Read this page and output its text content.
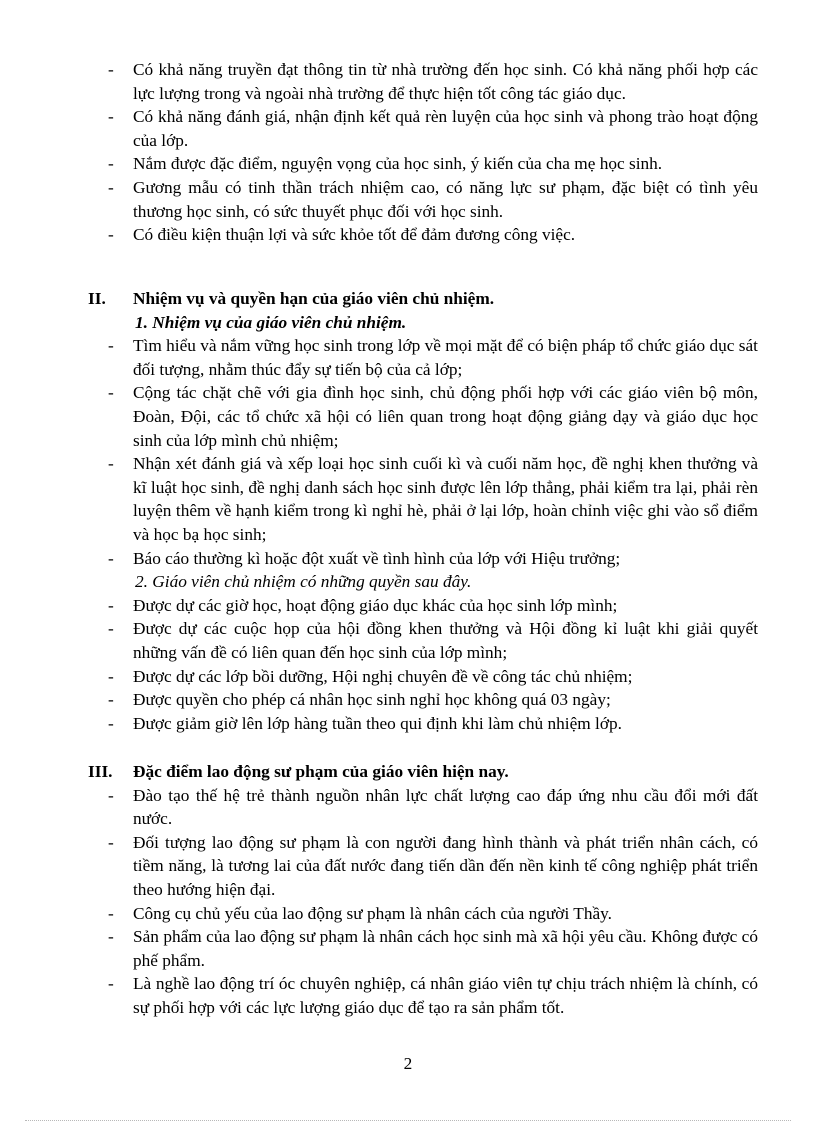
- Có khả năng truyền đạt thông tin từ nhà trường đến học sinh. Có khả năng phối hợp các lực lượng trong và ngoài nhà trường để thực hiện tốt công tác giáo dục.

- Có khả năng đánh giá, nhận định kết quả rèn luyện của học sinh và phong trào hoạt động của lớp.

- Nắm được đặc điểm, nguyện vọng của học sinh, ý kiến của cha mẹ học sinh.

- Gương mẫu có tinh thần trách nhiệm cao, có năng lực sư phạm, đặc biệt có tình yêu thương học sinh, có sức thuyết phục đối với học sinh.

- Có điều kiện thuận lợi và sức khỏe tốt để đảm đương công việc.

II. Nhiệm vụ và quyền hạn của giáo viên chủ nhiệm.

1. Nhiệm vụ của giáo viên chủ nhiệm.

- Tìm hiểu và nắm vững học sinh trong lớp về mọi mặt để có biện pháp tổ chức giáo dục sát đối tượng, nhằm thúc đẩy sự tiến bộ của cả lớp;

- Cộng tác chặt chẽ với gia đình học sinh, chủ động phối hợp với các giáo viên bộ môn, Đoàn, Đội, các tổ chức xã hội có liên quan trong hoạt động giảng dạy và giáo dục học sinh của lớp mình chủ nhiệm;

- Nhận xét đánh giá và xếp loại học sinh cuối kì và cuối năm học, đề nghị khen thưởng và kĩ luật học sinh, đề nghị danh sách học sinh được lên lớp thẳng, phải kiểm tra lại, phải rèn luyện thêm về hạnh kiểm trong kì nghỉ hè, phải ở lại lớp, hoàn chỉnh việc ghi vào sổ điểm và học bạ học sinh;

- Báo cáo thường kì hoặc đột xuất về tình hình của lớp với Hiệu trưởng;

2. Giáo viên chủ nhiệm có những quyền sau đây.

- Được dự các giờ học, hoạt động giáo dục khác của học sinh lớp mình;

- Được dự các cuộc họp của hội đồng khen thưởng và Hội đồng kỉ luật khi giải quyết những vấn đề có liên quan đến học sinh của lớp mình;

- Được dự các lớp bồi dưỡng, Hội nghị chuyên đề về công tác chủ nhiệm;

- Được quyền cho phép cá nhân học sinh nghỉ học không quá 03 ngày;

- Được giảm giờ lên lớp hàng tuần theo qui định khi làm chủ nhiệm lớp.

III. Đặc điểm lao động sư phạm của giáo viên hiện nay.

- Đào tạo thế hệ trẻ thành nguồn nhân lực chất lượng cao đáp ứng nhu cầu đổi mới đất nước.

- Đối tượng lao động sư phạm là con người đang hình thành và phát triển nhân cách, có tiềm năng, là tương lai của đất nước đang tiến dần đến nền kinh tế công nghiệp phát triển theo hướng hiện đại.

- Công cụ chủ yếu của lao động sư phạm là nhân cách của người Thầy.

- Sản phẩm của lao động sư phạm là nhân cách học sinh mà xã hội yêu cầu. Không được có phế phẩm.

- Là nghề lao động trí óc chuyên nghiệp, cá nhân giáo viên tự chịu trách nhiệm là chính, có sự phối hợp với các lực lượng giáo dục để tạo ra sản phẩm tốt.

2
